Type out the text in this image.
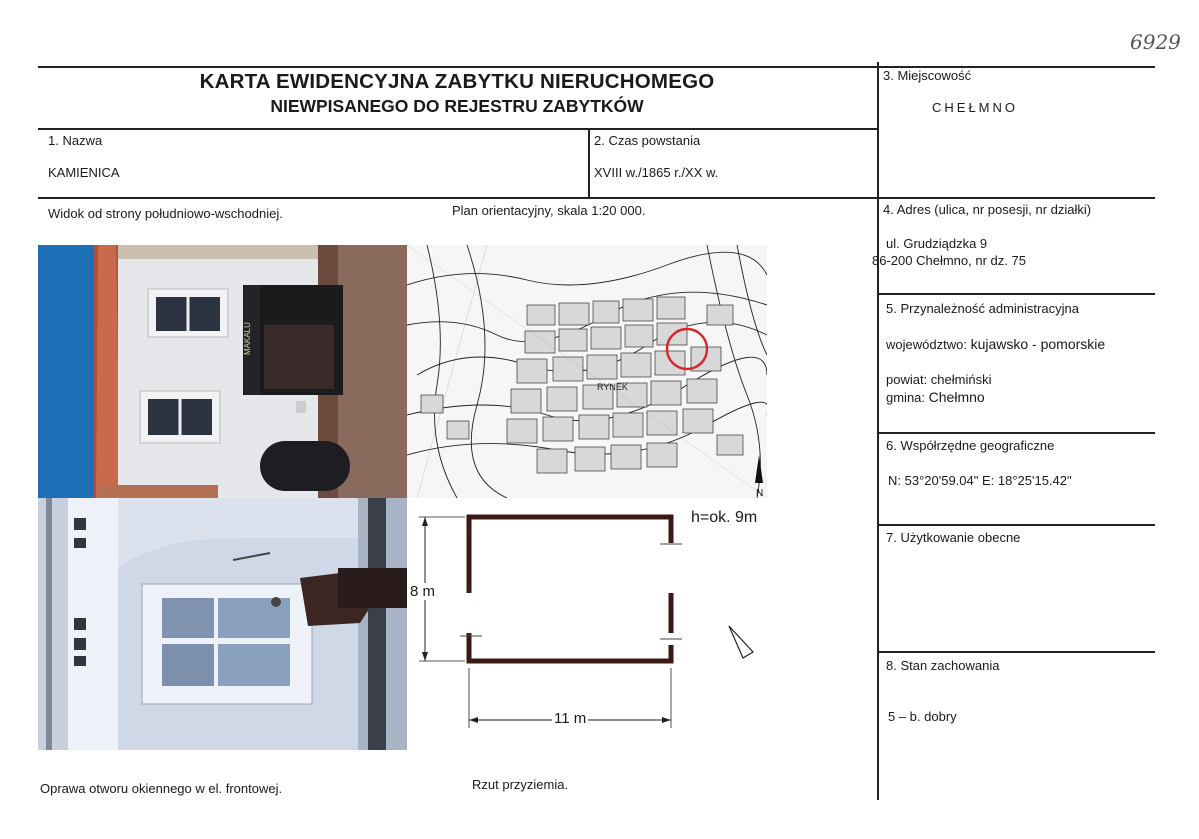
6929
KARTA EWIDENCYJNA ZABYTKU NIERUCHOMEGO
NIEWPISANEGO DO REJESTRU ZABYTKÓW
1. Nazwa
KAMIENICA
2. Czas powstania
XVIII w./1865 r./XX w.
3. Miejscowość
CHEŁMNO
4. Adres (ulica, nr posesji, nr działki)
ul. Grudziądzka 9
86-200 Chełmno, nr dz. 75
5. Przynależność administracyjna
województwo: kujawsko - pomorskie
powiat: chełmiński
gmina: Chełmno
6. Współrzędne geograficzne
N: 53°20'59.04" E: 18°25'15.42"
7. Użytkowanie obecne
8. Stan zachowania
5 – b. dobry
Widok od strony południowo-wschodniej.	Plan orientacyjny, skala 1:20 000.
Oprawa otworu okiennego w el. frontowej.	Rzut przyziemia.
MAKALU
RYNEK
N
h=ok. 9m
8 m
11 m
